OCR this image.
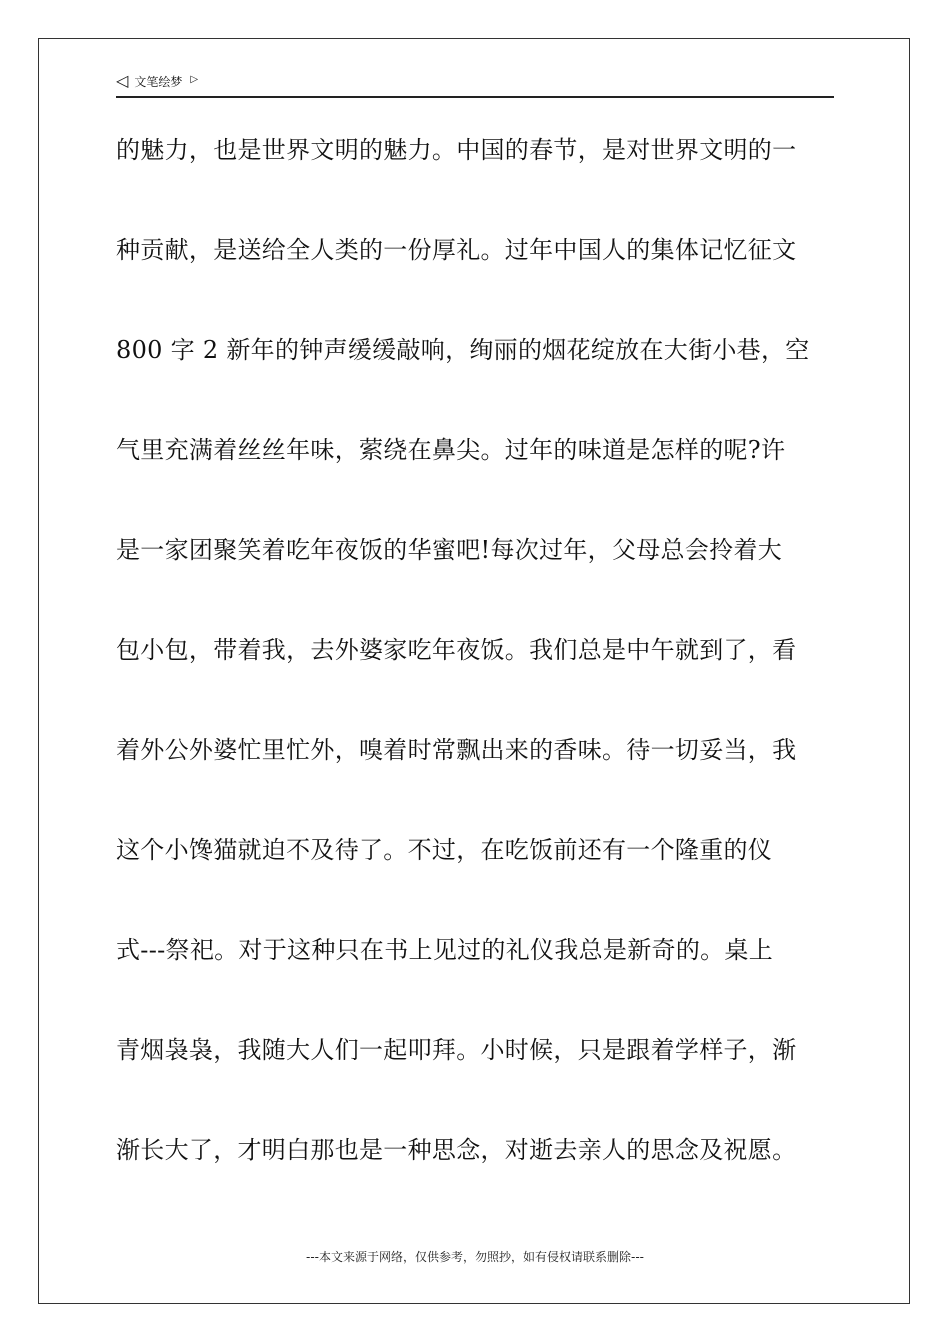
◁ 文笔绘梦 ▷
的魅力，也是世界文明的魅力。中国的春节，是对世界文明的一
种贡献，是送给全人类的一份厚礼。过年中国人的集体记忆征文
800 字 2 新年的钟声缓缓敲响，绚丽的烟花绽放在大街小巷，空
气里充满着丝丝年味，萦绕在鼻尖。过年的味道是怎样的呢?许
是一家团聚笑着吃年夜饭的华蜜吧!每次过年，父母总会拎着大
包小包，带着我，去外婆家吃年夜饭。我们总是中午就到了，看
着外公外婆忙里忙外，嗅着时常飘出来的香味。待一切妥当，我
这个小馋猫就迫不及待了。不过，在吃饭前还有一个隆重的仪
式---祭祀。对于这种只在书上见过的礼仪我总是新奇的。桌上
青烟袅袅，我随大人们一起叩拜。小时候，只是跟着学样子，渐
渐长大了，才明白那也是一种思念，对逝去亲人的思念及祝愿。
---本文来源于网络，仅供参考，勿照抄，如有侵权请联系删除---
